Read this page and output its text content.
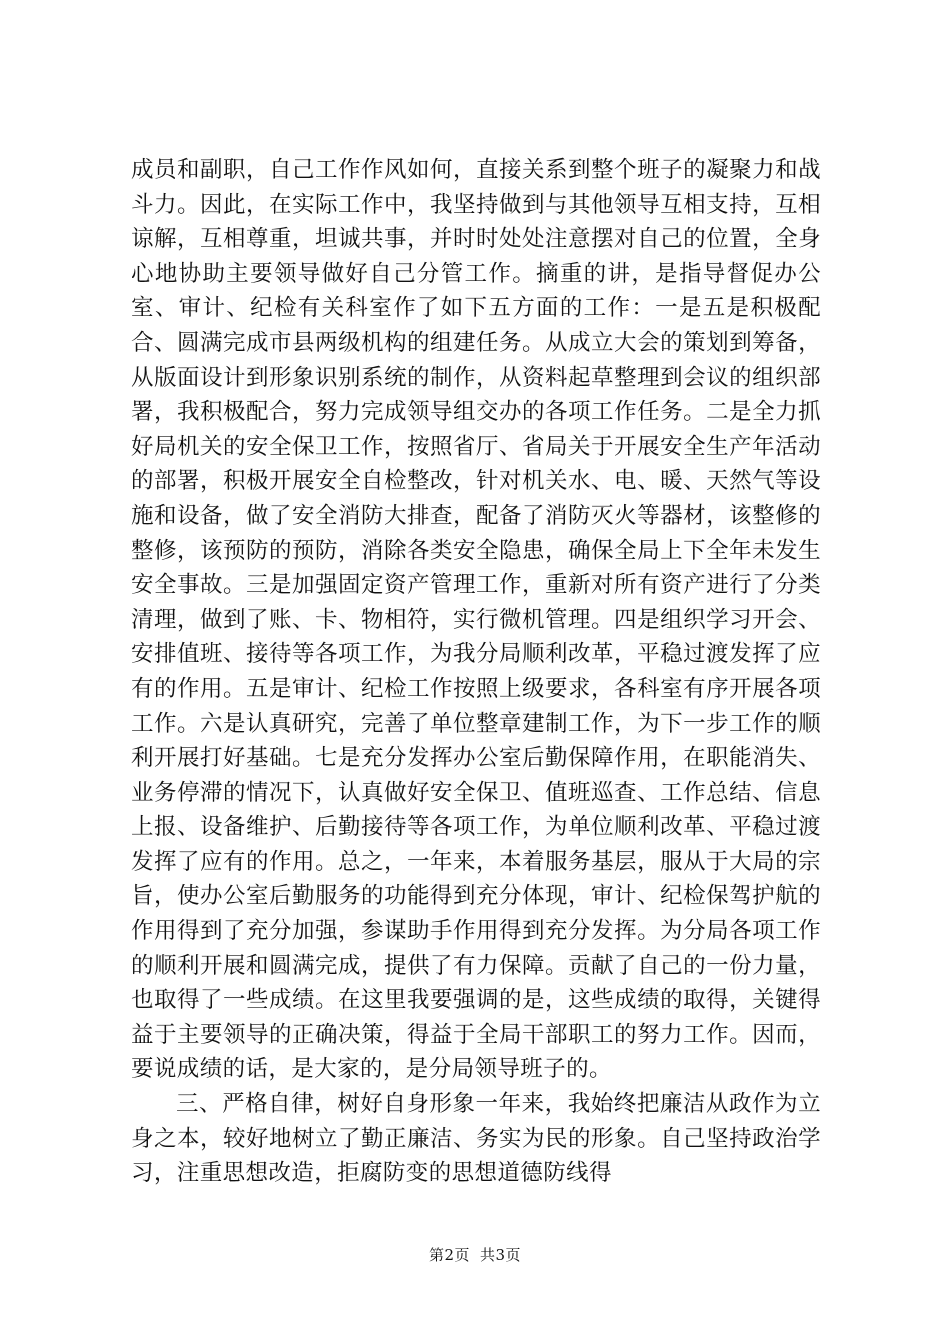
成员和副职，自己工作作风如何，直接关系到整个班子的凝聚力和战斗力。因此，在实际工作中，我坚持做到与其他领导互相支持，互相谅解，互相尊重，坦诚共事，并时时处处注意摆对自己的位置，全身心地协助主要领导做好自己分管工作。摘重的讲，是指导督促办公室、审计、纪检有关科室作了如下五方面的工作：一是五是积极配合、圆满完成市县两级机构的组建任务。从成立大会的策划到筹备，从版面设计到形象识别系统的制作，从资料起草整理到会议的组织部署，我积极配合，努力完成领导组交办的各项工作任务。二是全力抓好局机关的安全保卫工作，按照省厅、省局关于开展安全生产年活动的部署，积极开展安全自检整改，针对机关水、电、暖、天然气等设施和设备，做了安全消防大排查，配备了消防灭火等器材，该整修的整修，该预防的预防，消除各类安全隐患，确保全局上下全年未发生安全事故。三是加强固定资产管理工作，重新对所有资产进行了分类清理，做到了账、卡、物相符，实行微机管理。四是组织学习开会、安排值班、接待等各项工作，为我分局顺利改革，平稳过渡发挥了应有的作用。五是审计、纪检工作按照上级要求，各科室有序开展各项工作。六是认真研究，完善了单位整章建制工作，为下一步工作的顺利开展打好基础。七是充分发挥办公室后勤保障作用，在职能消失、业务停滞的情况下，认真做好安全保卫、值班巡查、工作总结、信息上报、设备维护、后勤接待等各项工作，为单位顺利改革、平稳过渡发挥了应有的作用。总之，一年来，本着服务基层，服从于大局的宗旨，使办公室后勤服务的功能得到充分体现，审计、纪检保驾护航的作用得到了充分加强，参谋助手作用得到充分发挥。为分局各项工作的顺利开展和圆满完成，提供了有力保障。贡献了自己的一份力量，也取得了一些成绩。在这里我要强调的是，这些成绩的取得，关键得益于主要领导的正确决策，得益于全局干部职工的努力工作。因而，要说成绩的话，是大家的，是分局领导班子的。

三、严格自律，树好自身形象一年来，我始终把廉洁从政作为立身之本，较好地树立了勤正廉洁、务实为民的形象。自己坚持政治学习，注重思想改造，拒腐防变的思想道德防线得

第2页 共3页
